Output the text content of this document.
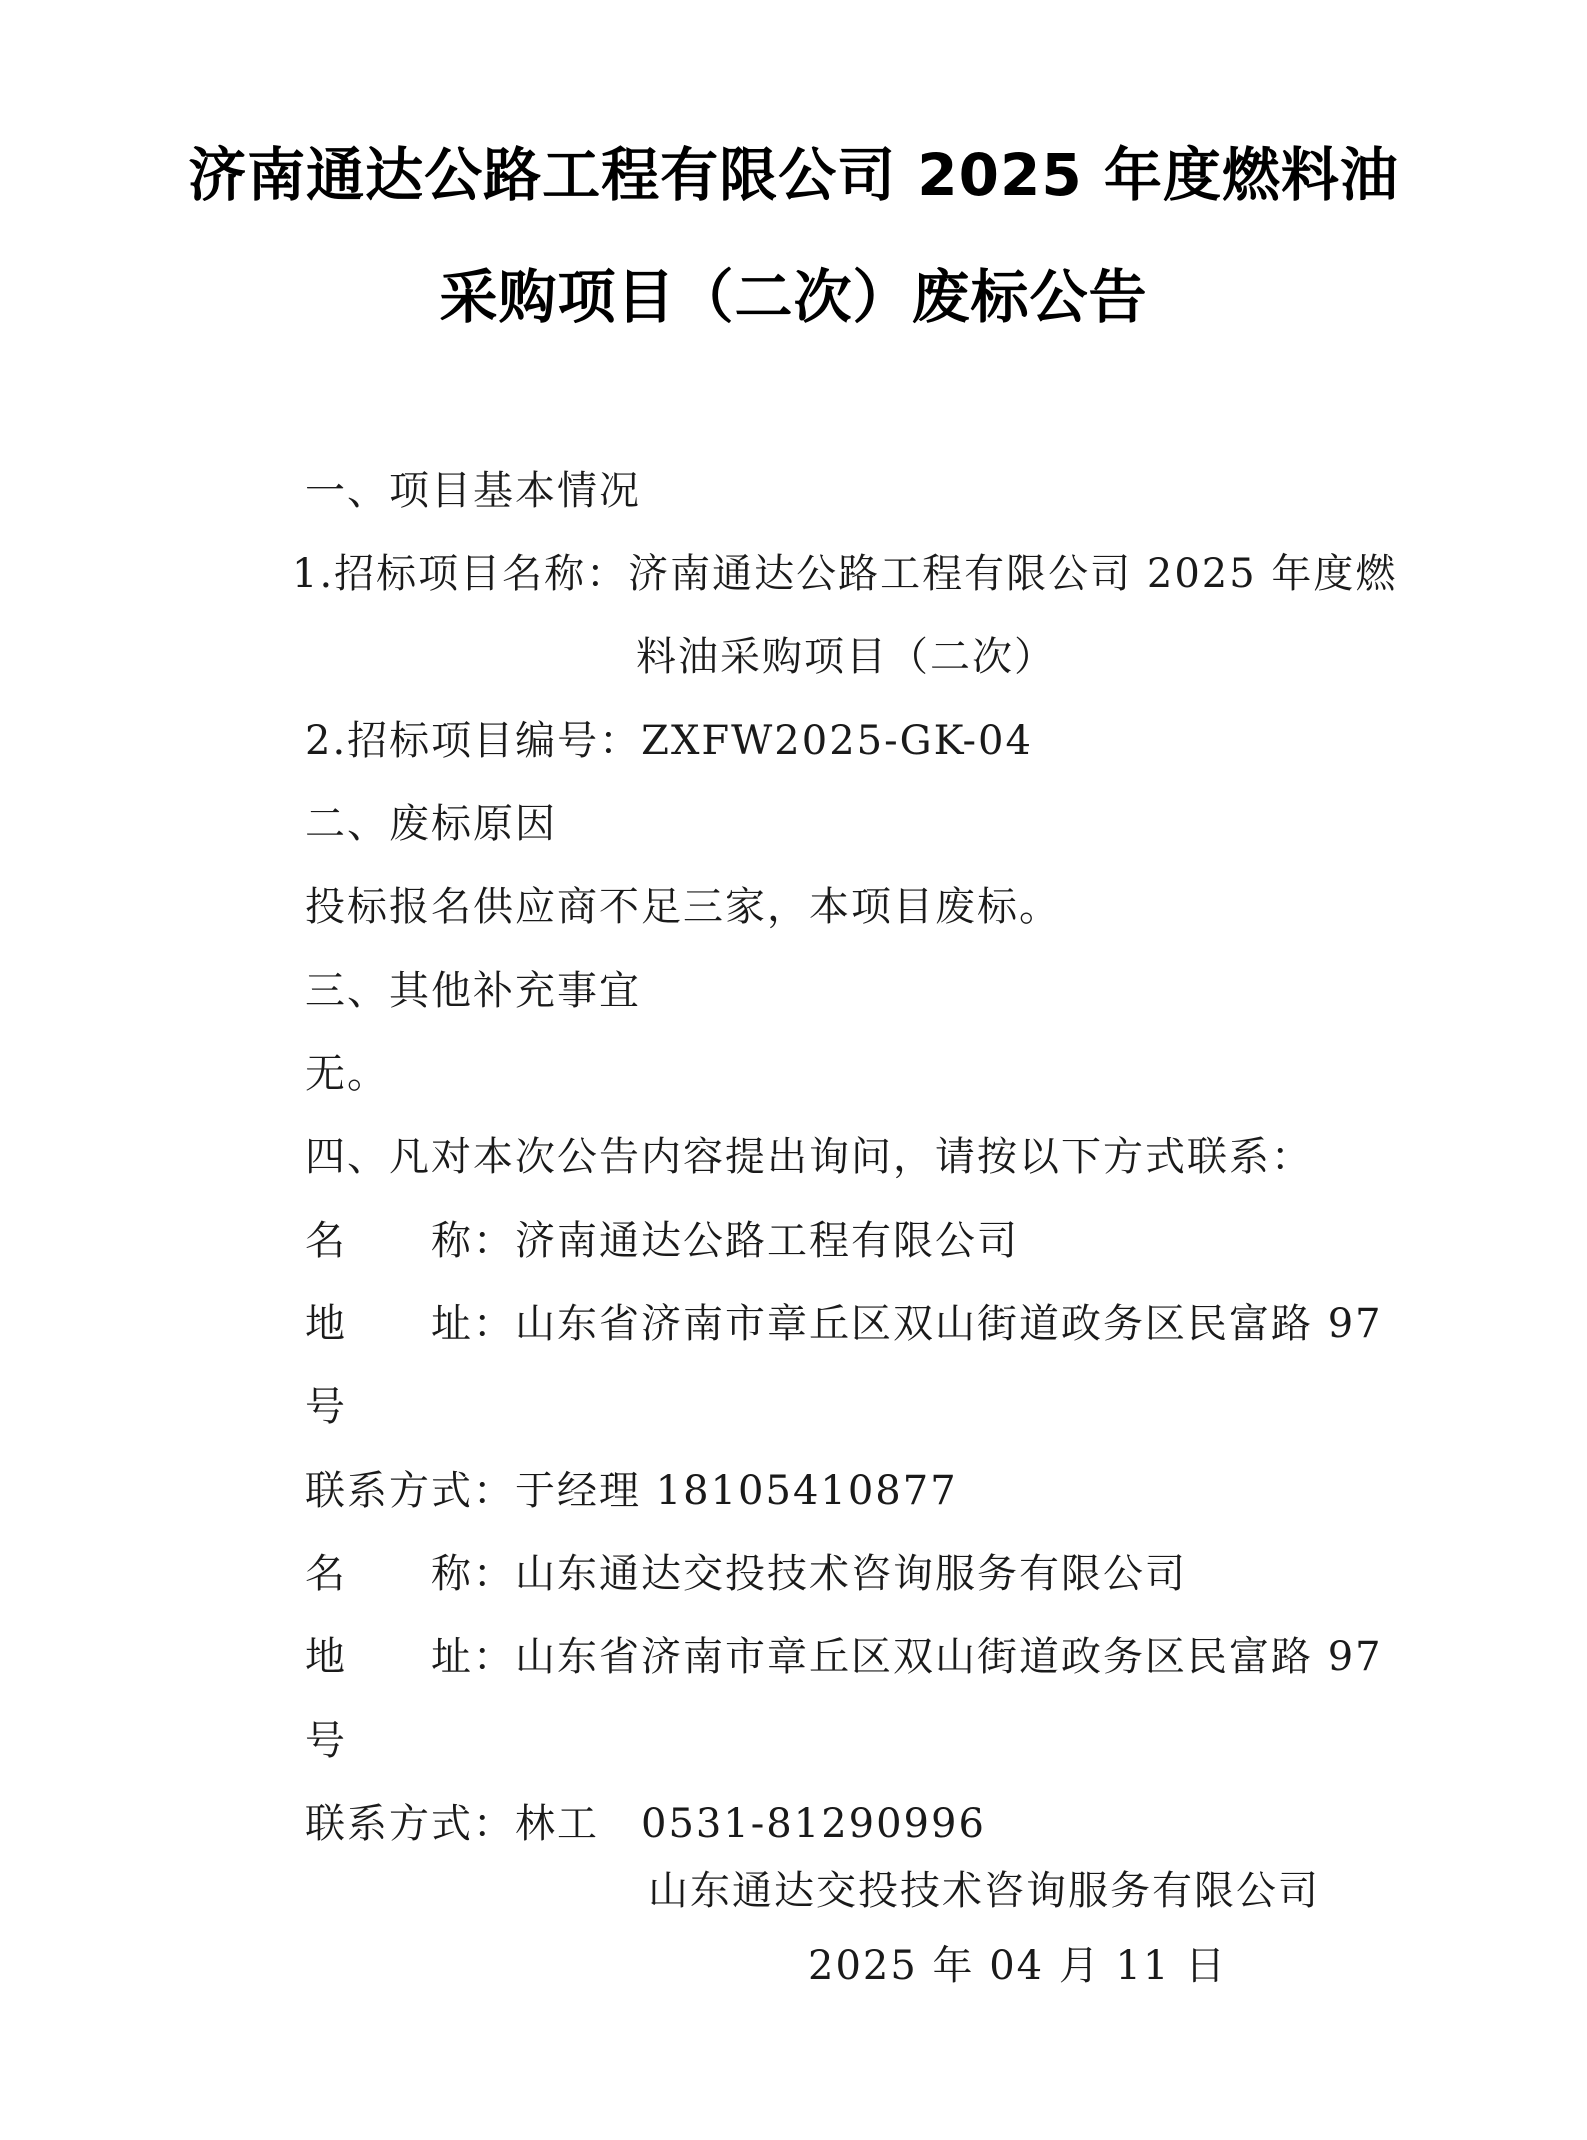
济南通达公路工程有限公司 2025 年度燃料油
采购项目（二次）废标公告
一、项目基本情况
1.招标项目名称：济南通达公路工程有限公司 2025 年度燃
料油采购项目（二次）
2.招标项目编号：ZXFW2025-GK-04
二、废标原因
投标报名供应商不足三家，本项目废标。
三、其他补充事宜
无。
四、凡对本次公告内容提出询问，请按以下方式联系：
名　　称：济南通达公路工程有限公司
地　　址：山东省济南市章丘区双山街道政务区民富路 97
号
联系方式：于经理 18105410877
名　　称：山东通达交投技术咨询服务有限公司
地　　址：山东省济南市章丘区双山街道政务区民富路 97
号
联系方式：林工　0531-81290996
山东通达交投技术咨询服务有限公司
2025 年 04 月 11 日
